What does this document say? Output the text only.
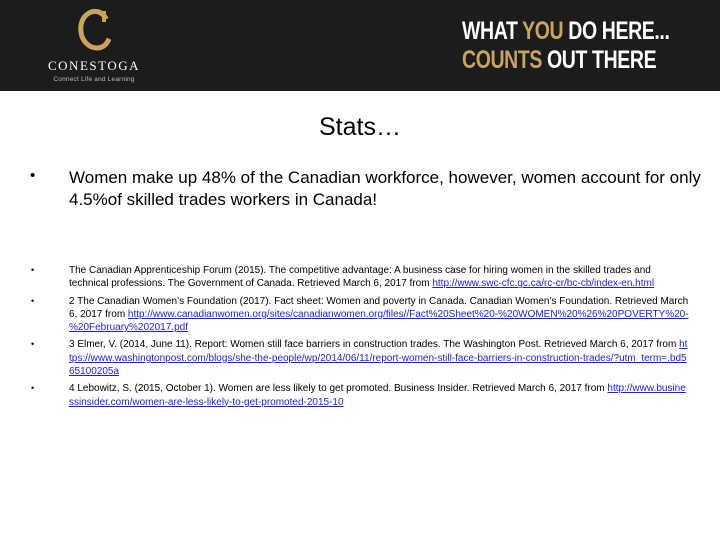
CONESTOGA
Connect Life and Learning
WHAT YOU DO HERE...
COUNTS OUT THERE
Stats…
• Women make up 48% of the Canadian workforce, however, women account for only 4.5%of skilled trades workers in Canada!
•	The Canadian Apprenticeship Forum (2015). The competitive advantage: A business case for hiring women in the skilled trades and technical professions. The Government of Canada. Retrieved March 6, 2017 from http://www.swc-cfc.gc.ca/rc-cr/bc-cb/index-en.html
•	2 The Canadian Women’s Foundation (2017). Fact sheet: Women and poverty in Canada. Canadian Women’s Foundation. Retrieved March 6, 2017 from http://www.canadianwomen.org/sites/canadianwomen.org/files//Fact%20Sheet%20-%20WOMEN%20%26%20POVERTY%20-%20February%202017.pdf
•	3 Elmer, V. (2014, June 11). Report: Women still face barriers in construction trades. The Washington Post. Retrieved March 6, 2017 from https://www.washingtonpost.com/blogs/she-the-people/wp/2014/06/11/report-women-still-face-barriers-in-construction-trades/?utm_term=.bd565100205a
•	4 Lebowitz, S. (2015, October 1). Women are less likely to get promoted. Business Insider. Retrieved March 6, 2017 from http://www.businessinsider.com/women-are-less-likely-to-get-promoted-2015-10
